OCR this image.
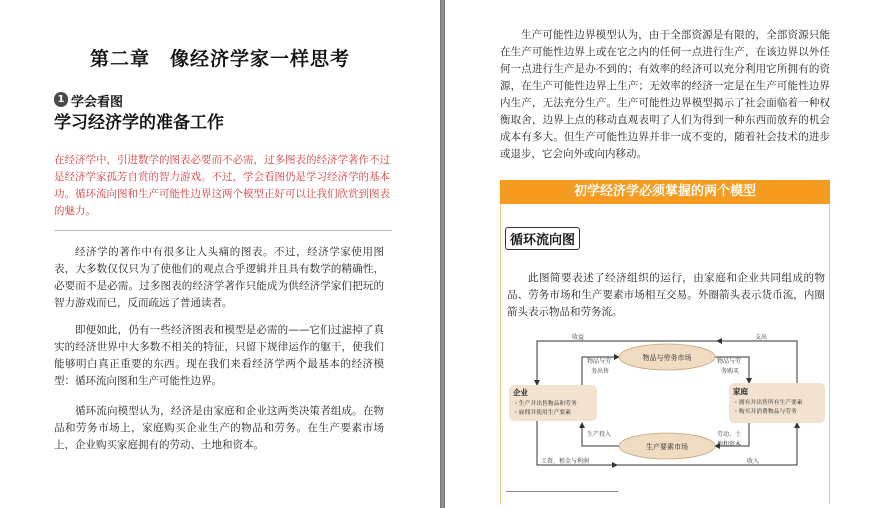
第二章　像经济学家一样思考
1 学会看图
学习经济学的准备工作
在经济学中，引进数学的图表必要而不必需，过多图表的经济学著作不过是经济学家孤芳自赏的智力游戏。不过，学会看图仍是学习经济学的基本功。循环流向图和生产可能性边界这两个模型正好可以让我们欣赏到图表的魅力。
经济学的著作中有很多让人头痛的图表。不过，经济学家使用图表，大多数仅仅只为了使他们的观点合乎逻辑并且具有数学的精确性，必要而不是必需。过多图表的经济学著作只能成为供经济学家们把玩的智力游戏而已，反而疏远了普通读者。
即便如此，仍有一些经济图表和模型是必需的——它们过滤掉了真实的经济世界中大多数不相关的特征，只留下规律运作的躯干，使我们能够明白真正重要的东西。现在我们来看经济学两个最基本的经济模型：循环流向图和生产可能性边界。
循环流向模型认为，经济是由家庭和企业这两类决策者组成。在物品和劳务市场上，家庭购买企业生产的物品和劳务。在生产要素市场上，企业购买家庭拥有的劳动、土地和资本。
生产可能性边界模型认为，由于全部资源是有限的，全部资源只能在生产可能性边界上或在它之内的任何一点进行生产，在该边界以外任何一点进行生产是办不到的；有效率的经济可以充分利用它所拥有的资源，在生产可能性边界上生产；无效率的经济一定是在生产可能性边界内生产，无法充分生产。生产可能性边界模型揭示了社会面临着一种权衡取舍，边界上点的移动直观表明了人们为得到一种东西而放弃的机会成本有多大。但生产可能性边界并非一成不变的，随着社会技术的进步或退步，它会向外或向内移动。
初学经济学必须掌握的两个模型
循环流向图
此图简要表述了经济组织的运行，由家庭和企业共同组成的物品、劳务市场和生产要素市场相互交易。外圈箭头表示货币流，内圈箭头表示物品和劳务流。
物品与劳务市场
生产要素市场
企业
・生产并出售物品和劳务
・雇佣并使用生产要素
家庭
・拥有并出售所有生产要素
・购买并消费物品与劳务
收益	支出
物品与劳
务出售
物品与劳
务购买
生产投入	劳动、土
地和资本
工资、租金与利润	收入
